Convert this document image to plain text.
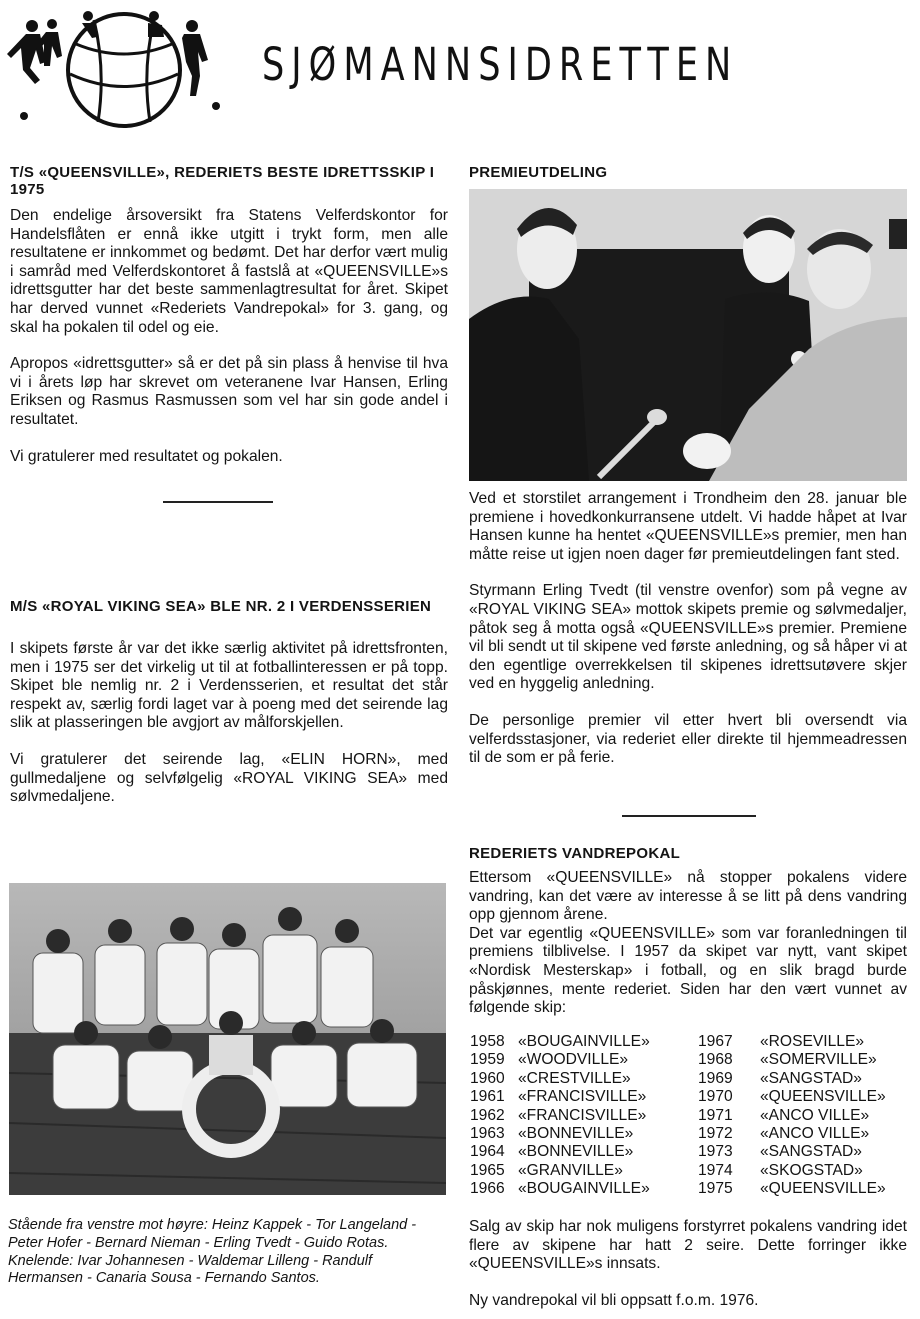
SJØMANNSIDRETTEN
T/S «QUEENSVILLE», REDERIETS BESTE IDRETTSSKIP I 1975

Den endelige årsoversikt fra Statens Velferdskontor for Handelsflåten er ennå ikke utgitt i trykt form, men alle resultatene er innkommet og bedømt. Det har derfor vært mulig i samråd med Velferdskontoret å fastslå at «QUEENSVILLE»s idrettsgutter har det beste sammenlagtresultat for året. Skipet har derved vunnet «Rederiets Vandrepokal» for 3. gang, og skal ha pokalen til odel og eie.

Apropos «idrettsgutter» så er det på sin plass å henvise til hva vi i årets løp har skrevet om veteranene Ivar Hansen, Erling Eriksen og Rasmus Rasmussen som vel har sin gode andel i resultatet.

Vi gratulerer med resultatet og pokalen.

M/S «ROYAL VIKING SEA» BLE NR. 2 I VERDENSSERIEN

I skipets første år var det ikke særlig aktivitet på idrettsfronten, men i 1975 ser det virkelig ut til at fotballinteressen er på topp. Skipet ble nemlig nr. 2 i Verdensserien, et resultat det står respekt av, særlig fordi laget var à poeng med det seirende lag slik at plasseringen ble avgjort av målforskjellen.

Vi gratulerer det seirende lag, «ELIN HORN», med gullmedaljene og selvfølgelig «ROYAL VIKING SEA» med sølvmedaljene.

Stående fra venstre mot høyre: Heinz Kappek - Tor Langeland - Peter Hofer - Bernard Nieman - Erling Tvedt - Guido Rotas.
Knelende: Ivar Johannesen - Waldemar Lilleng - Randulf Hermansen - Canaria Sousa - Fernando Santos.
PREMIEUTDELING

Ved et storstilet arrangement i Trondheim den 28. januar ble premiene i hovedkonkurransene utdelt. Vi hadde håpet at Ivar Hansen kunne ha hentet «QUEENSVILLE»s premier, men han måtte reise ut igjen noen dager før premieutdelingen fant sted.

Styrmann Erling Tvedt (til venstre ovenfor) som på vegne av «ROYAL VIKING SEA» mottok skipets premie og sølvmedaljer, påtok seg å motta også «QUEENSVILLE»s premier. Premiene vil bli sendt ut til skipene ved første anledning, og så håper vi at den egentlige overrekkelsen til skipenes idrettsutøvere skjer ved en hyggelig anledning.

De personlige premier vil etter hvert bli oversendt via velferdsstasjoner, via rederiet eller direkte til hjemmeadressen til de som er på ferie.

REDERIETS VANDREPOKAL

Ettersom «QUEENSVILLE» nå stopper pokalens videre vandring, kan det være av interesse å se litt på dens vandring opp gjennom årene.

Det var egentlig «QUEENSVILLE» som var foranledningen til premiens tilblivelse. I 1957 da skipet var nytt, vant skipet «Nordisk Mesterskap» i fotball, og en slik bragd burde påskjønnes, mente rederiet. Siden har den vært vunnet av følgende skip:

1958	«BOUGAINVILLE»	1967	«ROSEVILLE»
1959	«WOODVILLE»	1968	«SOMERVILLE»
1960	«CRESTVILLE»	1969	«SANGSTAD»
1961	«FRANCISVILLE»	1970	«QUEENSVILLE»
1962	«FRANCISVILLE»	1971	«ANCO VILLE»
1963	«BONNEVILLE»	1972	«ANCO VILLE»
1964	«BONNEVILLE»	1973	«SANGSTAD»
1965	«GRANVILLE»	1974	«SKOGSTAD»
1966	«BOUGAINVILLE»	1975	«QUEENSVILLE»

Salg av skip har nok muligens forstyrret pokalens vandring idet flere av skipene har hatt 2 seire. Dette forringer ikke «QUEENSVILLE»s innsats.

Ny vandrepokal vil bli oppsatt f.o.m. 1976.
